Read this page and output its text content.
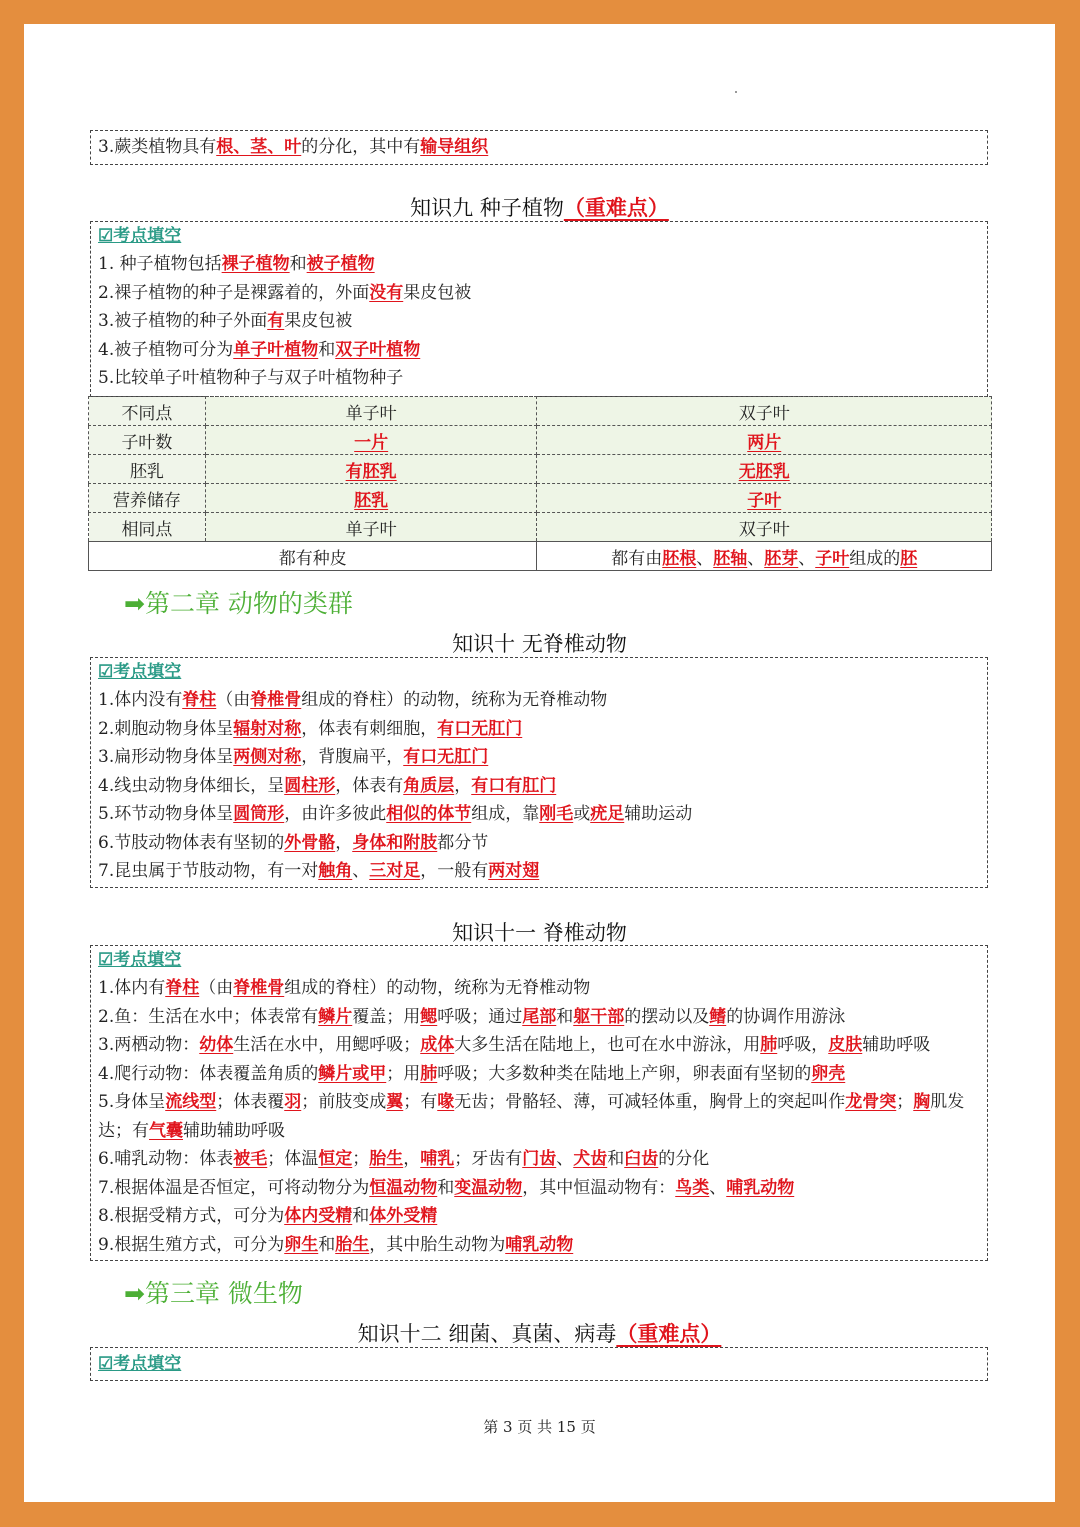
3.蕨类植物具有根、茎、叶的分化，其中有输导组织
知识九 种子植物（重难点）
☑考点填空
1. 种子植物包括裸子植物和被子植物
2.裸子植物的种子是裸露着的，外面没有果皮包被
3.被子植物的种子外面有果皮包被
4.被子植物可分为单子叶植物和双子叶植物
5.比较单子叶植物种子与双子叶植物种子
不同点	单子叶	双子叶
子叶数	一片	两片
胚乳	有胚乳	无胚乳
营养储存	胚乳	子叶
相同点	单子叶	双子叶
都有种皮		都有由胚根、胚轴、胚芽、子叶组成的胚
➡第二章 动物的类群
知识十 无脊椎动物
☑考点填空
1.体内没有脊柱（由脊椎骨组成的脊柱）的动物，统称为无脊椎动物
2.刺胞动物身体呈辐射对称，体表有刺细胞，有口无肛门
3.扁形动物身体呈两侧对称，背腹扁平，有口无肛门
4.线虫动物身体细长，呈圆柱形，体表有角质层，有口有肛门
5.环节动物身体呈圆筒形，由许多彼此相似的体节组成，靠刚毛或疣足辅助运动
6.节肢动物体表有坚韧的外骨骼，身体和附肢都分节
7.昆虫属于节肢动物，有一对触角、三对足，一般有两对翅
知识十一 脊椎动物
☑考点填空
1.体内有脊柱（由脊椎骨组成的脊柱）的动物，统称为无脊椎动物
2.鱼：生活在水中；体表常有鳞片覆盖；用鳃呼吸；通过尾部和躯干部的摆动以及鳍的协调作用游泳
3.两栖动物：幼体生活在水中，用鳃呼吸；成体大多生活在陆地上，也可在水中游泳，用肺呼吸，皮肤辅助呼吸
4.爬行动物：体表覆盖角质的鳞片或甲；用肺呼吸；大多数种类在陆地上产卵，卵表面有坚韧的卵壳
5.身体呈流线型；体表覆羽；前肢变成翼；有喙无齿；骨骼轻、薄，可减轻体重，胸骨上的突起叫作龙骨突；胸肌发达；有气囊辅助辅助呼吸
6.哺乳动物：体表被毛；体温恒定；胎生，哺乳；牙齿有门齿、犬齿和臼齿的分化
7.根据体温是否恒定，可将动物分为恒温动物和变温动物，其中恒温动物有：鸟类、哺乳动物
8.根据受精方式，可分为体内受精和体外受精
9.根据生殖方式，可分为卵生和胎生，其中胎生动物为哺乳动物
➡第三章 微生物
知识十二 细菌、真菌、病毒（重难点）
☑考点填空
第 3 页 共 15 页
